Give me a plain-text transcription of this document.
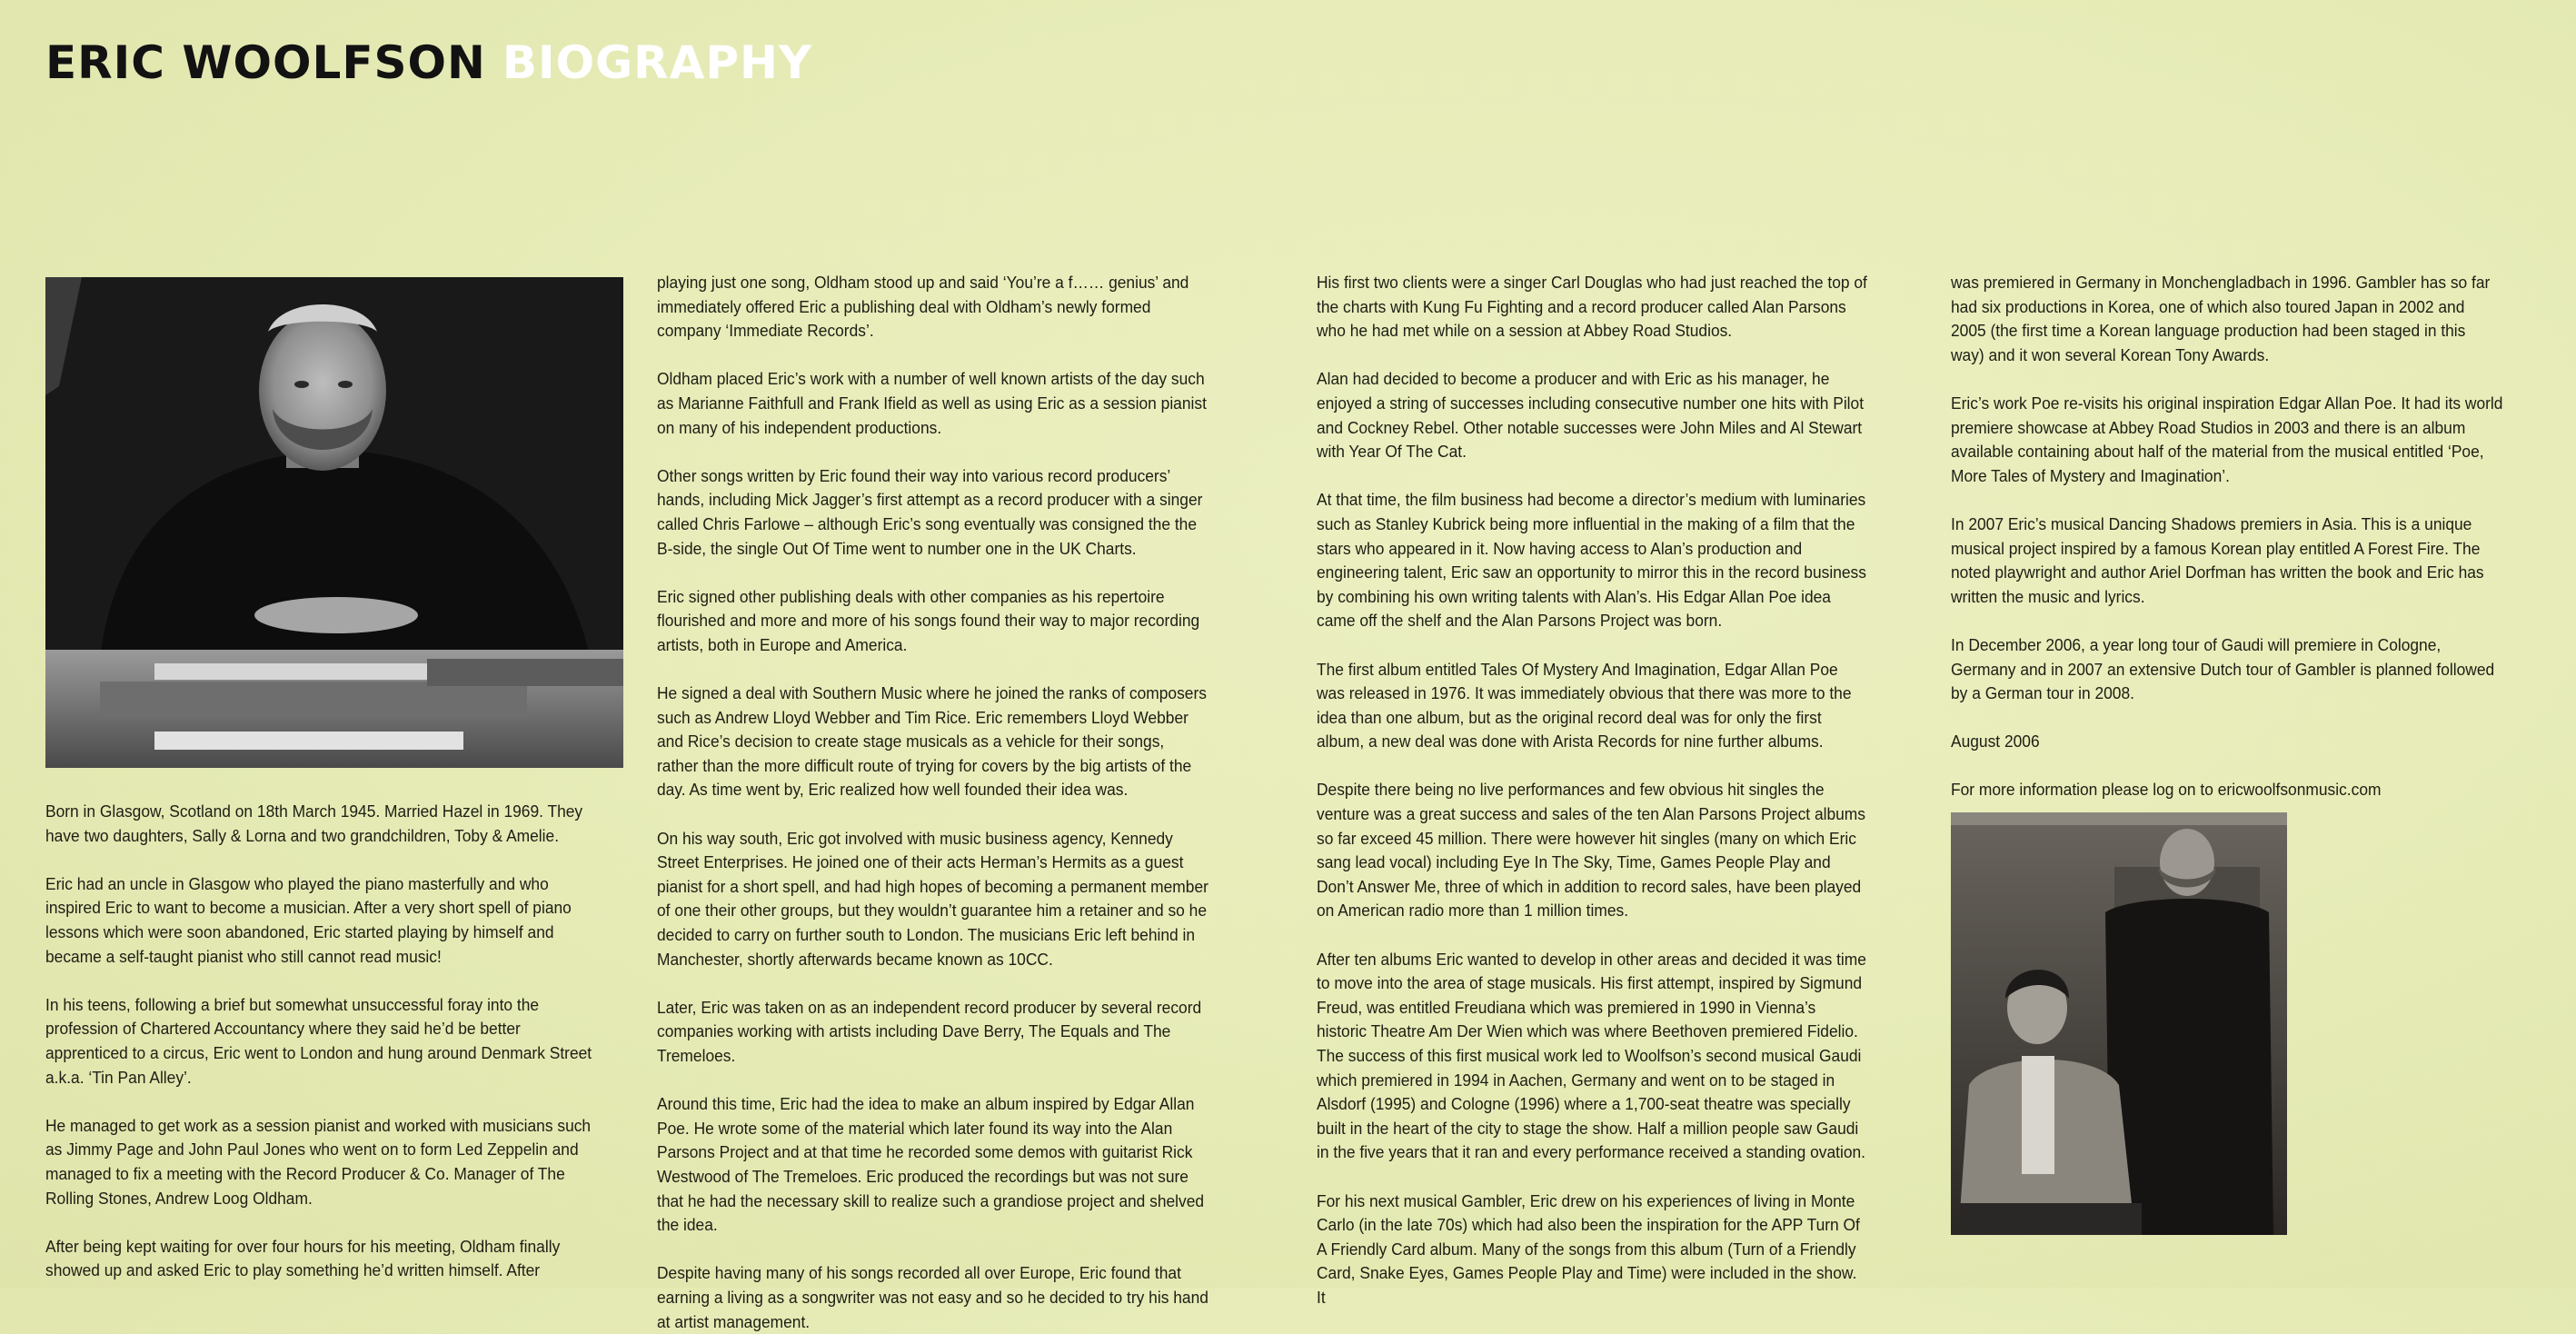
ERIC WOOLFSON BIOGRAPHY

Born in Glasgow, Scotland on 18th March 1945. Married Hazel in 1969. They have two daughters, Sally & Lorna and two grandchildren, Toby & Amelie.

Eric had an uncle in Glasgow who played the piano masterfully and who inspired Eric to want to become a musician. After a very short spell of piano lessons which were soon abandoned, Eric started playing by himself and became a self-taught pianist who still cannot read music!

In his teens, following a brief but somewhat unsuccessful foray into the profession of Chartered Accountancy where they said he’d be better apprenticed to a circus, Eric went to London and hung around Denmark Street a.k.a. ‘Tin Pan Alley’.

He managed to get work as a session pianist and worked with musicians such as Jimmy Page and John Paul Jones who went on to form Led Zeppelin and managed to fix a meeting with the Record Producer & Co. Manager of The Rolling Stones, Andrew Loog Oldham.

After being kept waiting for over four hours for his meeting, Oldham finally showed up and asked Eric to play something he’d written himself. After

playing just one song, Oldham stood up and said ‘You’re a f…… genius’ and immediately offered Eric a publishing deal with Oldham’s newly formed company ‘Immediate Records’.

Oldham placed Eric’s work with a number of well known artists of the day such as Marianne Faithfull and Frank Ifield as well as using Eric as a session pianist on many of his independent productions.

Other songs written by Eric found their way into various record producers’ hands, including Mick Jagger’s first attempt as a record producer with a singer called Chris Farlowe – although Eric’s song eventually was consigned the the B-side, the single Out Of Time went to number one in the UK Charts.

Eric signed other publishing deals with other companies as his repertoire flourished and more and more of his songs found their way to major recording artists, both in Europe and America.

He signed a deal with Southern Music where he joined the ranks of composers such as Andrew Lloyd Webber and Tim Rice. Eric remembers Lloyd Webber and Rice’s decision to create stage musicals as a vehicle for their songs, rather than the more difficult route of trying for covers by the big artists of the day. As time went by, Eric realized how well founded their idea was.

On his way south, Eric got involved with music business agency, Kennedy Street Enterprises. He joined one of their acts Herman’s Hermits as a guest pianist for a short spell, and had high hopes of becoming a permanent member of one their other groups, but they wouldn’t guarantee him a retainer and so he decided to carry on further south to London. The musicians Eric left behind in Manchester, shortly afterwards became known as 10CC.

Later, Eric was taken on as an independent record producer by several record companies working with artists including Dave Berry, The Equals and The Tremeloes.

Around this time, Eric had the idea to make an album inspired by Edgar Allan Poe. He wrote some of the material which later found its way into the Alan Parsons Project and at that time he recorded some demos with guitarist Rick Westwood of The Tremeloes. Eric produced the recordings but was not sure that he had the necessary skill to realize such a grandiose project and shelved the idea.

Despite having many of his songs recorded all over Europe, Eric found that earning a living as a songwriter was not easy and so he decided to try his hand at artist management.

His first two clients were a singer Carl Douglas who had just reached the top of the charts with Kung Fu Fighting and a record producer called Alan Parsons who he had met while on a session at Abbey Road Studios.

Alan had decided to become a producer and with Eric as his manager, he enjoyed a string of successes including consecutive number one hits with Pilot and Cockney Rebel. Other notable successes were John Miles and Al Stewart with Year Of The Cat.

At that time, the film business had become a director’s medium with luminaries such as Stanley Kubrick being more influential in the making of a film that the stars who appeared in it. Now having access to Alan’s production and engineering talent, Eric saw an opportunity to mirror this in the record business by combining his own writing talents with Alan’s. His Edgar Allan Poe idea came off the shelf and the Alan Parsons Project was born.

The first album entitled Tales Of Mystery And Imagination, Edgar Allan Poe was released in 1976. It was immediately obvious that there was more to the idea than one album, but as the original record deal was for only the first album, a new deal was done with Arista Records for nine further albums.

Despite there being no live performances and few obvious hit singles the venture was a great success and sales of the ten Alan Parsons Project albums so far exceed 45 million. There were however hit singles (many on which Eric sang lead vocal) including Eye In The Sky, Time, Games People Play and Don’t Answer Me, three of which in addition to record sales, have been played on American radio more than 1 million times.

After ten albums Eric wanted to develop in other areas and decided it was time to move into the area of stage musicals. His first attempt, inspired by Sigmund Freud, was entitled Freudiana which was premiered in 1990 in Vienna’s historic Theatre Am Der Wien which was where Beethoven premiered Fidelio. The success of this first musical work led to Woolfson’s second musical Gaudi which premiered in 1994 in Aachen, Germany and went on to be staged in Alsdorf (1995) and Cologne (1996) where a 1,700-seat theatre was specially built in the heart of the city to stage the show. Half a million people saw Gaudi in the five years that it ran and every performance received a standing ovation.

For his next musical Gambler, Eric drew on his experiences of living in Monte Carlo (in the late 70s) which had also been the inspiration for the APP Turn Of A Friendly Card album. Many of the songs from this album (Turn of a Friendly Card, Snake Eyes, Games People Play and Time) were included in the show. It

was premiered in Germany in Monchengladbach in 1996. Gambler has so far had six productions in Korea, one of which also toured Japan in 2002 and 2005 (the first time a Korean language production had been staged in this way) and it won several Korean Tony Awards.

Eric’s work Poe re-visits his original inspiration Edgar Allan Poe. It had its world premiere showcase at Abbey Road Studios in 2003 and there is an album available containing about half of the material from the musical entitled ‘Poe, More Tales of Mystery and Imagination’.

In 2007 Eric’s musical Dancing Shadows premiers in Asia. This is a unique musical project inspired by a famous Korean play entitled A Forest Fire. The noted playwright and author Ariel Dorfman has written the book and Eric has written the music and lyrics.

In December 2006, a year long tour of Gaudi will premiere in Cologne, Germany and in 2007 an extensive Dutch tour of Gambler is planned followed by a German tour in 2008.

August 2006

For more information please log on to ericwoolfsonmusic.com
